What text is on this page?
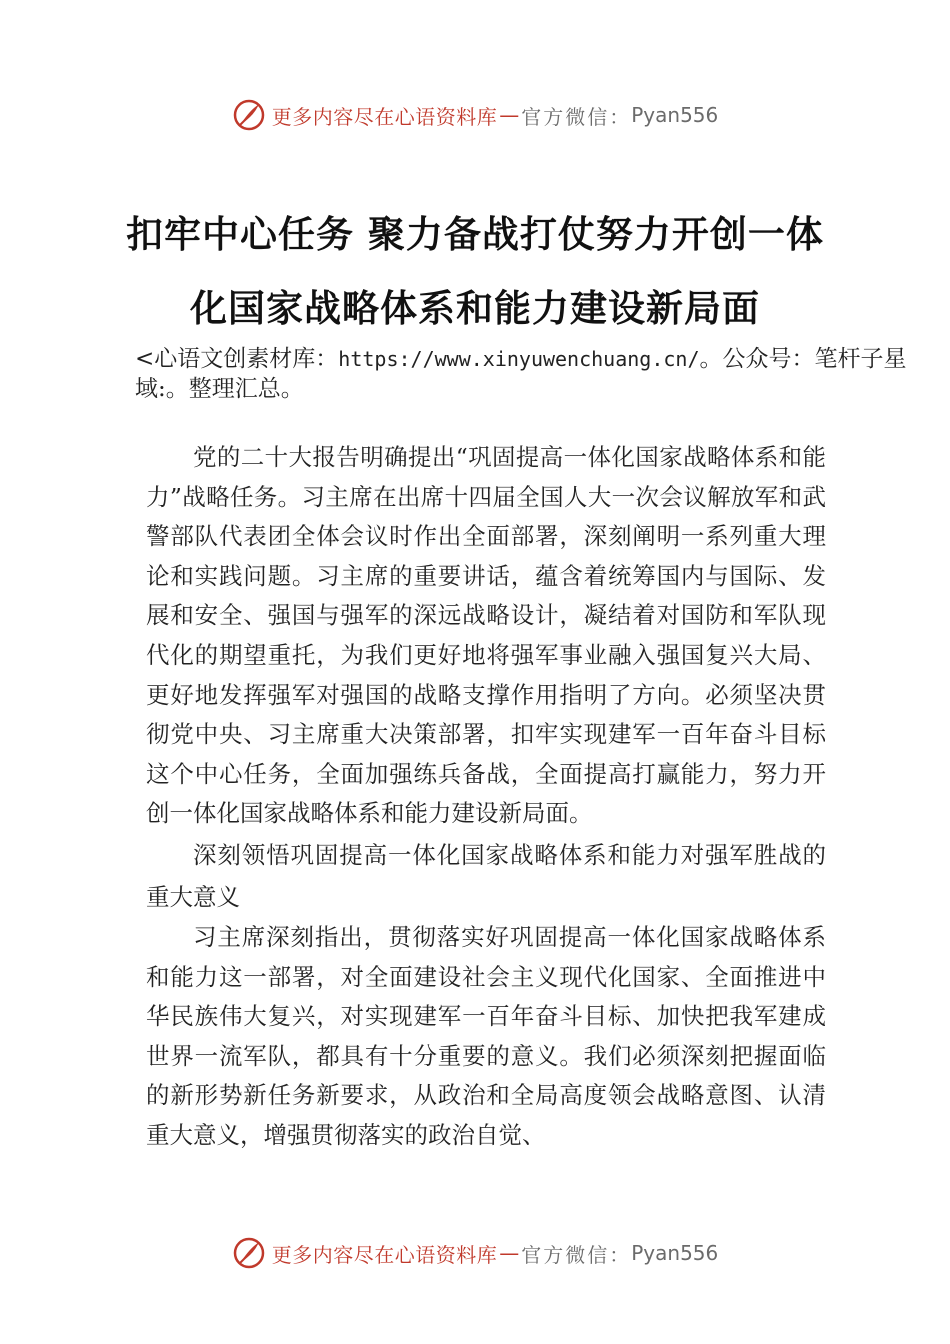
更多内容尽在心语资料库 — 官方微信： Pyan556
扣牢中心任务 聚力备战打仗努力开创一体
化国家战略体系和能力建设新局面
<心语文创素材库：https://www.xinyuwenchuang.cn/。公众号：笔杆子星域:。整理汇总。

党的二十大报告明确提出“巩固提高一体化国家战略体系和能力”战略任务。习主席在出席十四届全国人大一次会议解放军和武警部队代表团全体会议时作出全面部署，深刻阐明一系列重大理论和实践问题。习主席的重要讲话，蕴含着统筹国内与国际、发展和安全、强国与强军的深远战略设计，凝结着对国防和军队现代化的期望重托，为我们更好地将强军事业融入强国复兴大局、更好地发挥强军对强国的战略支撑作用指明了方向。必须坚决贯彻党中央、习主席重大决策部署，扣牢实现建军一百年奋斗目标这个中心任务，全面加强练兵备战，全面提高打赢能力，努力开创一体化国家战略体系和能力建设新局面。

深刻领悟巩固提高一体化国家战略体系和能力对强军胜战的重大意义

习主席深刻指出，贯彻落实好巩固提高一体化国家战略体系和能力这一部署，对全面建设社会主义现代化国家、全面推进中华民族伟大复兴，对实现建军一百年奋斗目标、加快把我军建成世界一流军队，都具有十分重要的意义。我们必须深刻把握面临的新形势新任务新要求，从政治和全局高度领会战略意图、认清重大意义，增强贯彻落实的政治自觉、

更多内容尽在心语资料库 — 官方微信： Pyan556
